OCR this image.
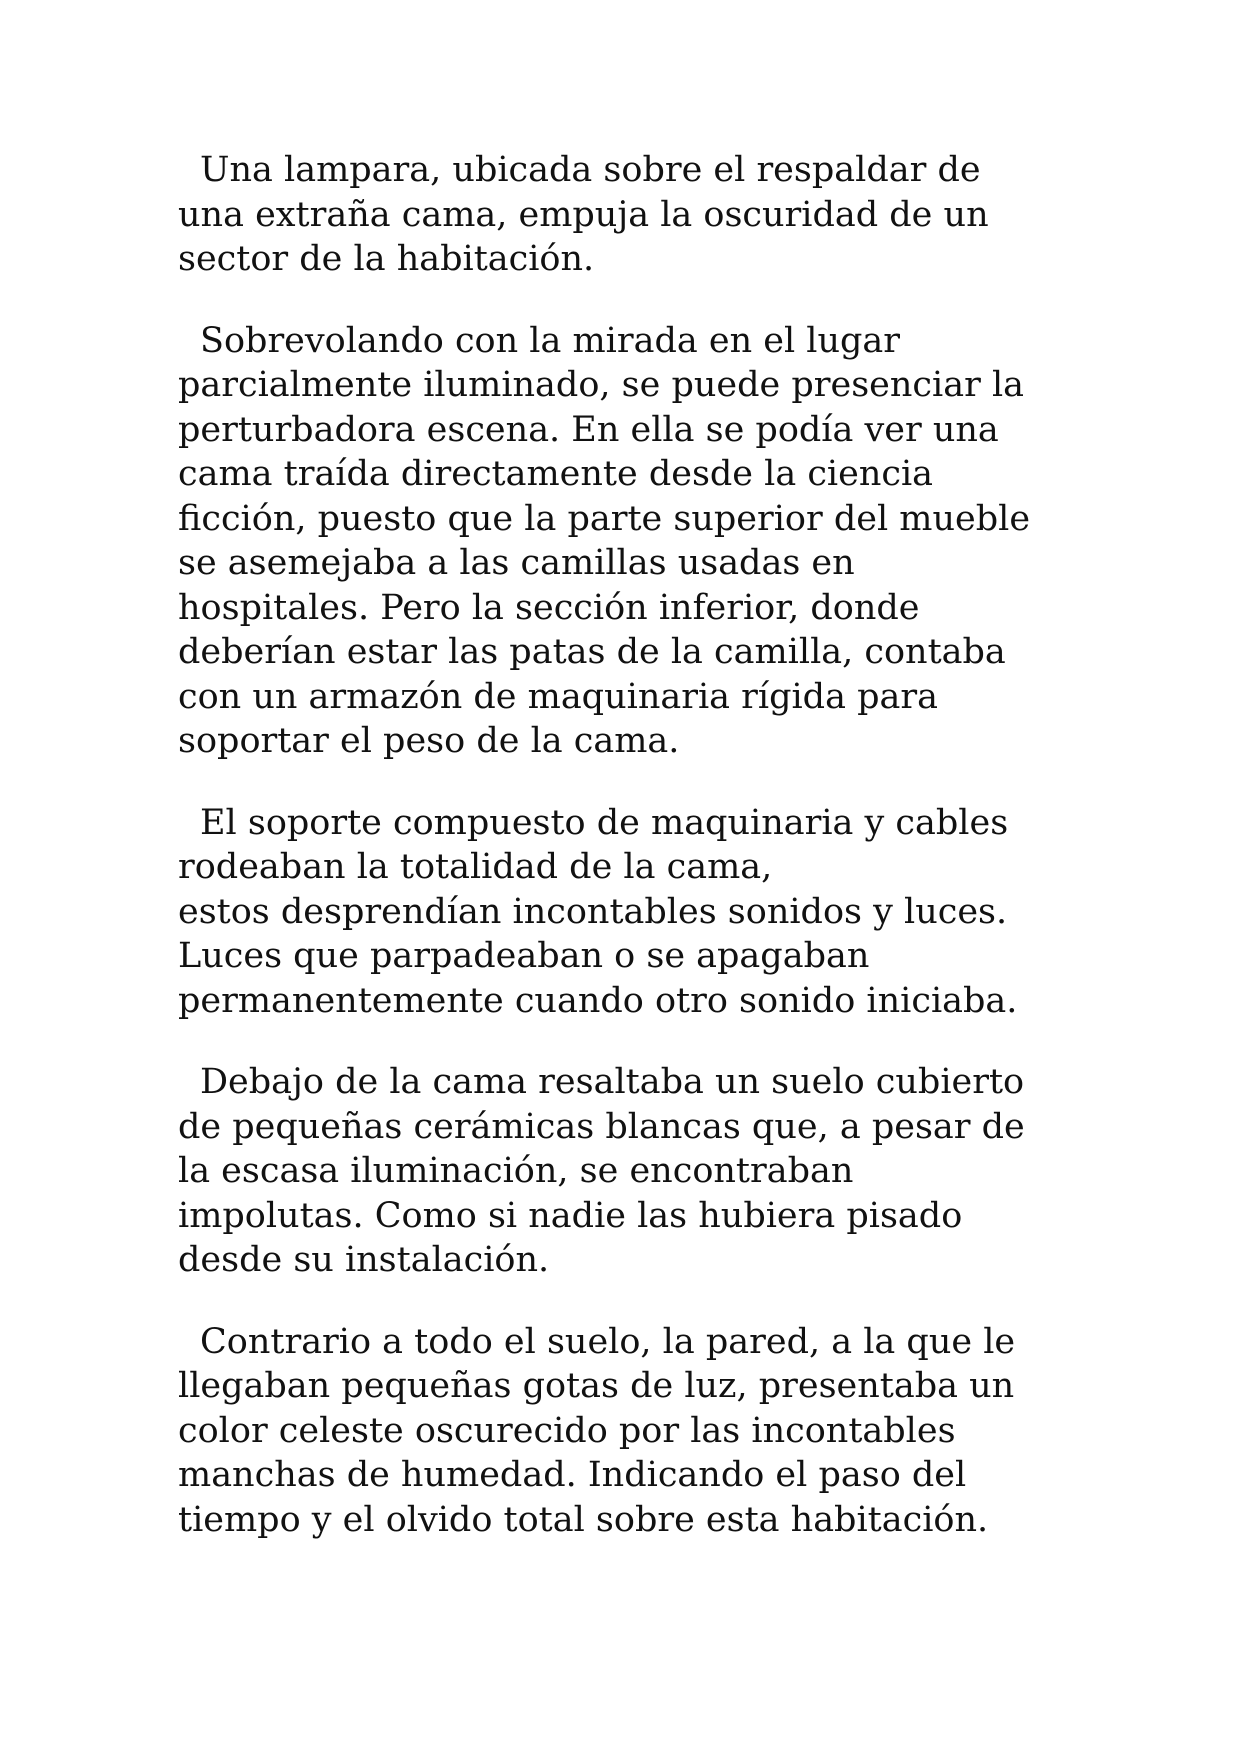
Una lampara, ubicada sobre el respaldar de
una extraña cama, empuja la oscuridad de un
sector de la habitación.

Sobrevolando con la mirada en el lugar
parcialmente iluminado, se puede presenciar la
perturbadora escena. En ella se podía ver una
cama traída directamente desde la ciencia
ficción, puesto que la parte superior del mueble
se asemejaba a las camillas usadas en
hospitales. Pero la sección inferior, donde
deberían estar las patas de la camilla, contaba
con un armazón de maquinaria rígida para
soportar el peso de la cama.

El soporte compuesto de maquinaria y cables
rodeaban la totalidad de la cama,
estos desprendían incontables sonidos y luces.
Luces que parpadeaban o se apagaban
permanentemente cuando otro sonido iniciaba.

Debajo de la cama resaltaba un suelo cubierto
de pequeñas cerámicas blancas que, a pesar de
la escasa iluminación, se encontraban
impolutas. Como si nadie las hubiera pisado
desde su instalación.

Contrario a todo el suelo, la pared, a la que le
llegaban pequeñas gotas de luz, presentaba un
color celeste oscurecido por las incontables
manchas de humedad. Indicando el paso del
tiempo y el olvido total sobre esta habitación.
